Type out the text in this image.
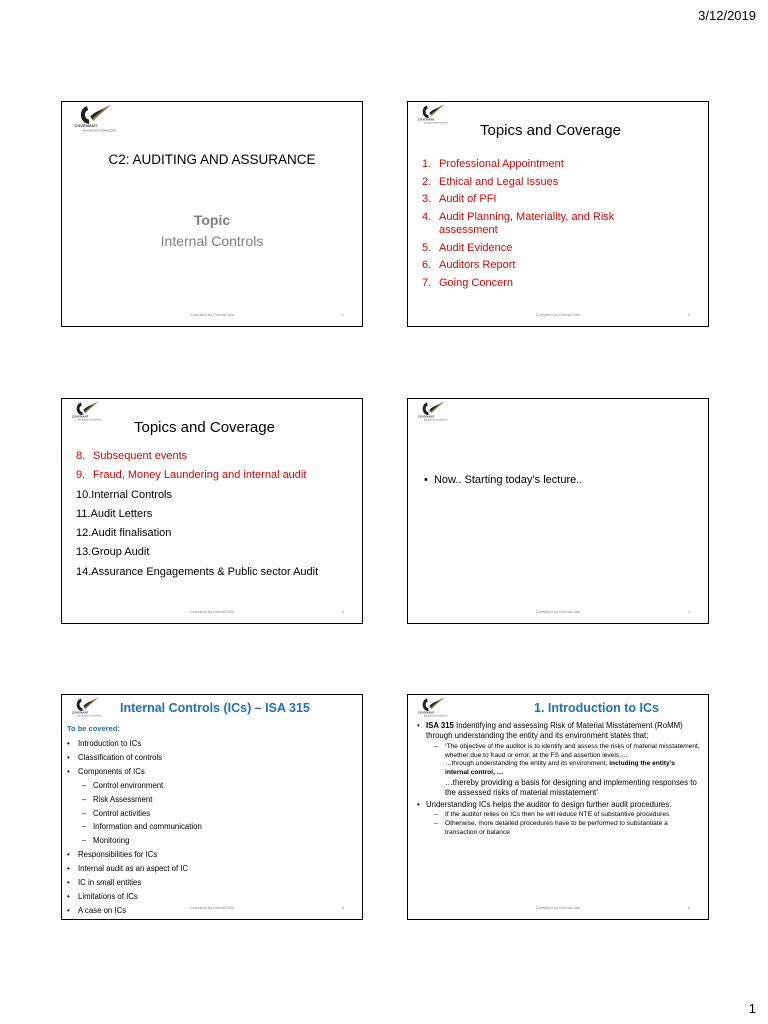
3/12/2019
COVENANT
ADVANCING KNOWLEDGE
C2: AUDITING AND ASSURANCE
Topic
Internal Controls
Compiled by EmmaChris	1
COVENANT
ADVANCING KNOWLEDGE Topics and Coverage
1. Professional Appointment
2. Ethical and Legal Issues
3. Audit of PFI
4. Audit Planning, Materiality, and Risk assessment
5. Audit Evidence
6. Auditors Report
7. Going Concern
Compiled by EmmaChris	2
COVENANT
ADVANCING KNOWLEDGE Topics and Coverage
8. Subsequent events
9. Fraud, Money Laundering and internal audit
10. Internal Controls
11. Audit Letters
12. Audit finalisation
13. Group Audit
14. Assurance Engagements & Public sector Audit
Compiled by EmmaChris	3
COVENANT
ADVANCING KNOWLEDGE
•  Now.. Starting today’s lecture..
Compiled by EmmaChris	4
COVENANT
ADVANCING KNOWLEDGE
Internal Controls (ICs) – ISA 315
To be covered:
• Introduction to ICs
• Classification of controls
• Components of ICs
– Control environment
– Risk Assessment
– Control activities
– Information and communication
– Monitoring
• Responsibilities for ICs
• Internal audit as an aspect of IC
• IC in small entities
• Limitations of ICs
• A case on ICs	Compiled by EmmaChris	5
COVENANT
ADVANCING KNOWLEDGE
1. Introduction to ICs
• ISA 315 Indentifying and assessing Risk of Material Misstatement (RoMM) through understanding the entity and its environment states that;
– ‘The objective of the auditor is to identify and assess the risks of material misstatement, whether due to fraud or error, at the FS and assertion levels,…
…through understanding the entity and its environment, including the entity’s internal control, …
…thereby providing a basis for designing and implementing responses to the assessed risks of material misstatement’
• Understanding ICs helps the auditor to design further audit procedures.
– If the auditor relies on ICs then he will reduce NTE of substantive procedures
– Otherwise, more detailed procedures have to be performed to substantiate a transaction or balance
Compiled by EmmaChris	6
1
